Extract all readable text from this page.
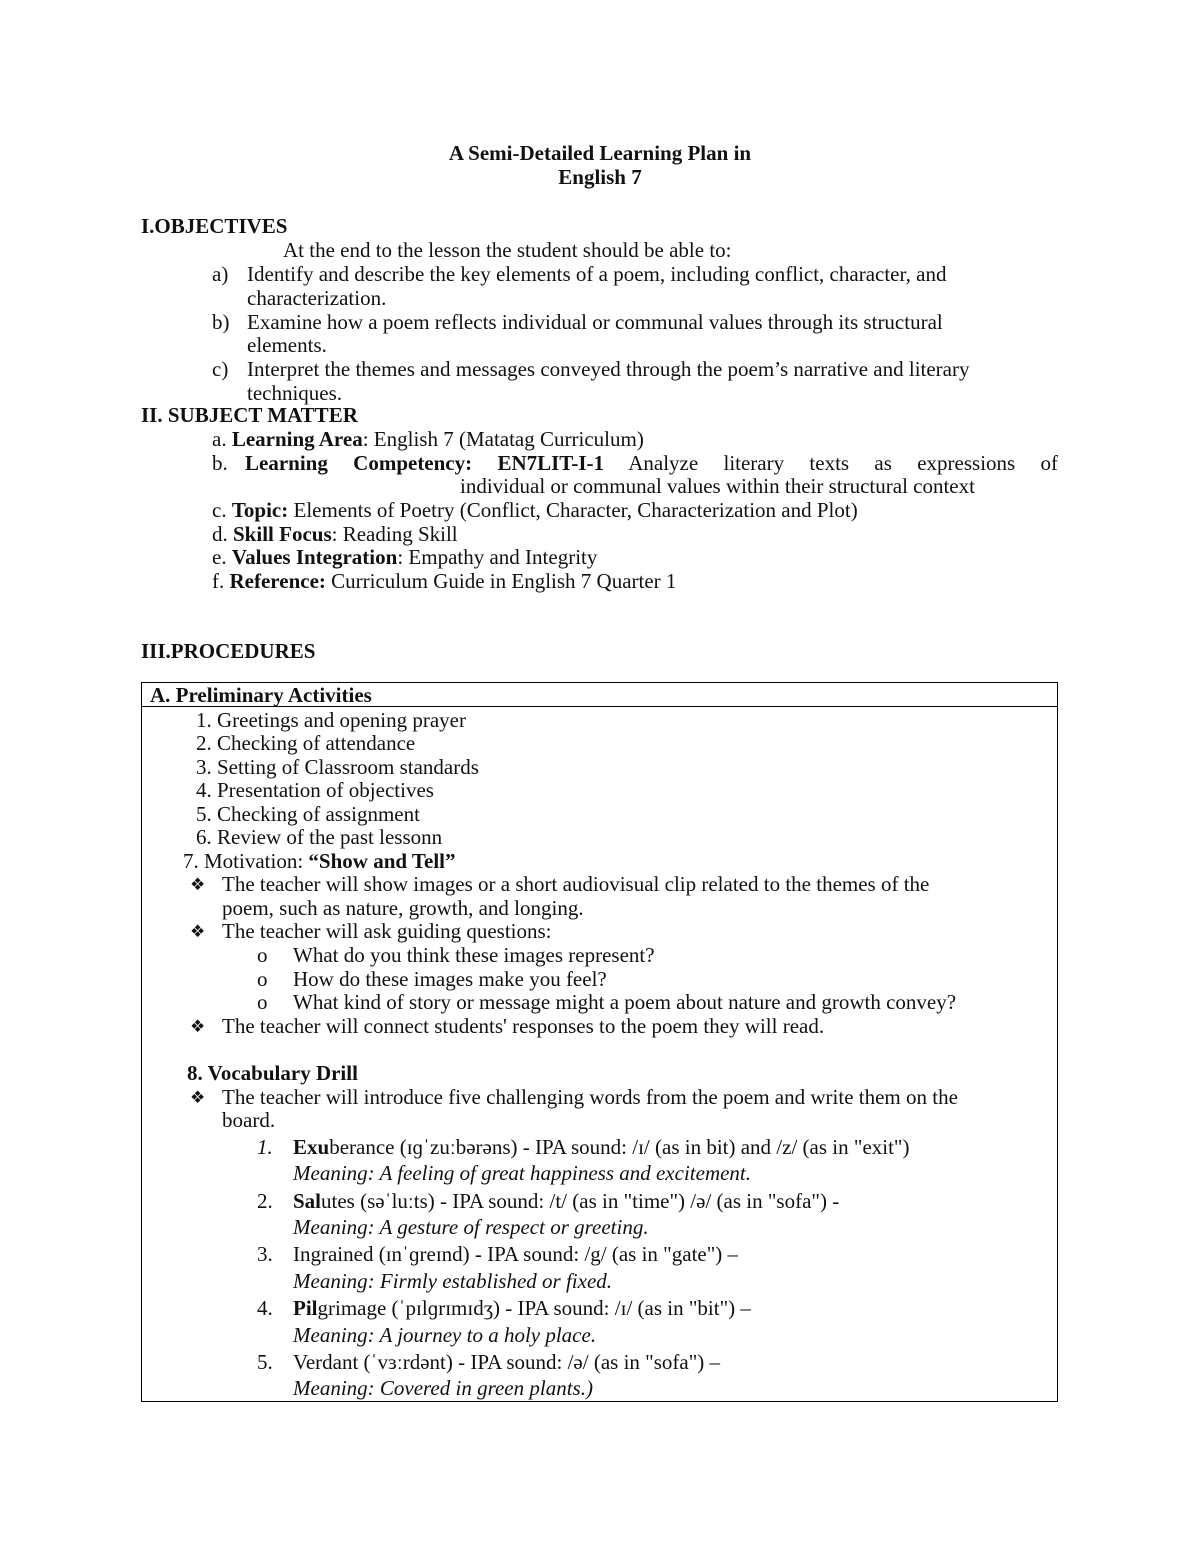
A Semi-Detailed Learning Plan in
English 7
I.OBJECTIVES
At the end to the lesson the student should be able to:
a) Identify and describe the key elements of a poem, including conflict, character, and
characterization.
b) Examine how a poem reflects individual or communal values through its structural
elements.
c) Interpret the themes and messages conveyed through the poem’s narrative and literary
techniques.
II. SUBJECT MATTER
a. Learning Area: English 7 (Matatag Curriculum)
b. Learning Competency: EN7LIT-I-1 Analyze literary texts as expressions of
individual or communal values within their structural context
c. Topic: Elements of Poetry (Conflict, Character, Characterization and Plot)
d. Skill Focus: Reading Skill
e. Values Integration: Empathy and Integrity
f. Reference: Curriculum Guide in English 7 Quarter 1
III.PROCEDURES
A. Preliminary Activities
1. Greetings and opening prayer
2. Checking of attendance
3. Setting of Classroom standards
4. Presentation of objectives
5. Checking of assignment
6. Review of the past lessonn
7. Motivation: “Show and Tell”
❖ The teacher will show images or a short audiovisual clip related to the themes of the
poem, such as nature, growth, and longing.
❖ The teacher will ask guiding questions:
o What do you think these images represent?
o How do these images make you feel?
o What kind of story or message might a poem about nature and growth convey?
❖ The teacher will connect students' responses to the poem they will read.
8. Vocabulary Drill
❖ The teacher will introduce five challenging words from the poem and write them on the
board.
1. Exuberance (ɪɡˈzuːbərəns) - IPA sound: /ɪ/ (as in bit) and /z/ (as in "exit")
Meaning: A feeling of great happiness and excitement.
2. Salutes (səˈluːts) - IPA sound: /t/ (as in "time") /ə/ (as in "sofa") -
Meaning: A gesture of respect or greeting.
3. Ingrained (ɪnˈɡreɪnd) - IPA sound: /g/ (as in "gate") –
Meaning: Firmly established or fixed.
4. Pilgrimage (ˈpɪlɡrɪmɪdʒ) - IPA sound: /ɪ/ (as in "bit") –
Meaning: A journey to a holy place.
5. Verdant (ˈvɜːrdənt) - IPA sound: /ə/ (as in "sofa") –
Meaning: Covered in green plants.)
